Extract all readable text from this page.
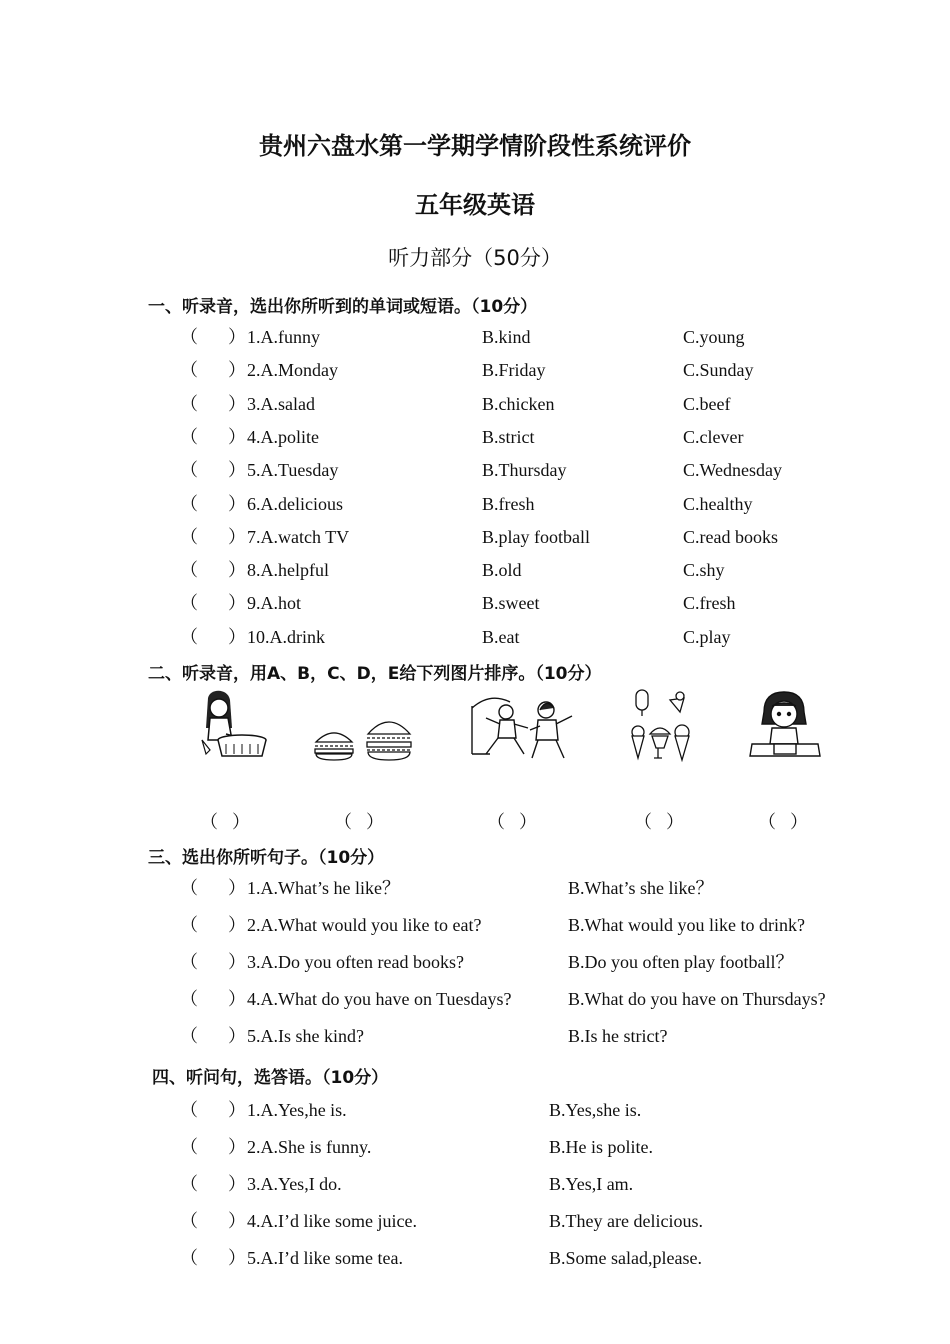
贵州六盘水第一学期学情阶段性系统评价
五年级英语
听力部分（50分）
一、听录音，选出你所听到的单词或短语。（10分）
（ ） 1.A.funny	B.kind	C.young
（ ） 2.A.Monday	B.Friday	C.Sunday
（ ） 3.A.salad	B.chicken	C.beef
（ ） 4.A.polite	B.strict	C.clever
（ ） 5.A.Tuesday	B.Thursday	C.Wednesday
（ ） 6.A.delicious	B.fresh	C.healthy
（ ） 7.A.watch TV	B.play football	C.read books
（ ） 8.A.helpful	B.old	C.shy
（ ） 9.A.hot	B.sweet	C.fresh
（ ） 10.A.drink	B.eat	C.play
二、听录音，用A、B，C、D，E给下列图片排序。（10分）
（ ）	（ ）	（ ）	（ ）	（ ）
三、选出你所听句子。（10分）
（ ） 1.A.What’s he like？	B.What’s she like？
（ ） 2.A.What would you like to eat?	B.What would you like to drink?
（ ） 3.A.Do you often read books?	B.Do you often play football？
（ ） 4.A.What do you have on Tuesdays?	B.What do you have on Thursdays?
（ ） 5.A.Is she kind?	B.Is he strict?
四、听问句，选答语。（10分）
（ ） 1.A.Yes,he is.	B.Yes,she is.
（ ） 2.A.She is funny.	B.He is polite.
（ ） 3.A.Yes,I do.	B.Yes,I am.
（ ） 4.A.I’d like some juice.	B.They are delicious.
（ ） 5.A.I’d like some tea.	B.Some salad,please.
